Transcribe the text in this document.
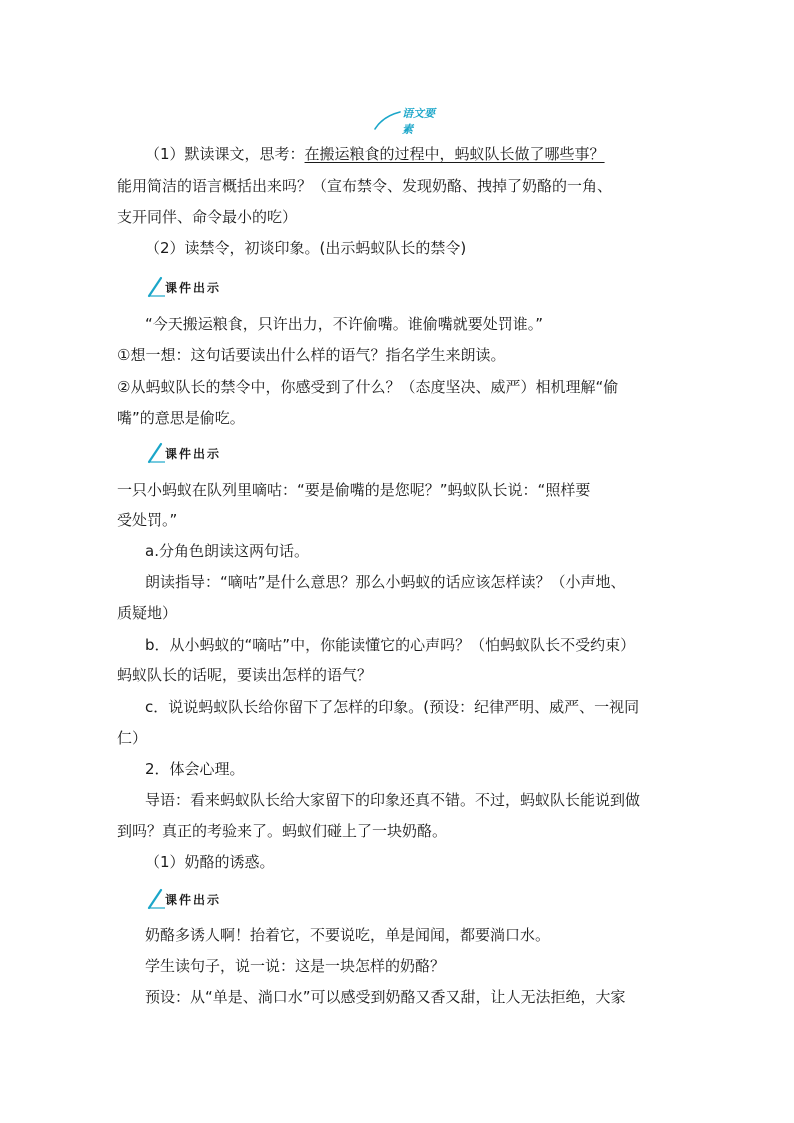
语文要素
（1）默读课文，思考：在搬运粮食的过程中，蚂蚁队长做了哪些事？
能用简洁的语言概括出来吗？（宣布禁令、发现奶酪、拽掉了奶酪的一角、
支开同伴、命令最小的吃）
（2）读禁令，初谈印象。(出示蚂蚁队长的禁令)
课件出示
“今天搬运粮食，只许出力，不许偷嘴。谁偷嘴就要处罚谁。”
①想一想：这句话要读出什么样的语气？指名学生来朗读。
②从蚂蚁队长的禁令中，你感受到了什么？（态度坚决、威严）相机理解“偷
嘴”的意思是偷吃。
课件出示
一只小蚂蚁在队列里嘀咕：“要是偷嘴的是您呢？”蚂蚁队长说：“照样要
受处罚。”
a.分角色朗读这两句话。
朗读指导：“嘀咕”是什么意思？那么小蚂蚁的话应该怎样读？（小声地、
质疑地）
b．从小蚂蚁的“嘀咕”中，你能读懂它的心声吗？（怕蚂蚁队长不受约束）
蚂蚁队长的话呢，要读出怎样的语气？
c．说说蚂蚁队长给你留下了怎样的印象。(预设：纪律严明、威严、一视同
仁）
2．体会心理。
导语：看来蚂蚁队长给大家留下的印象还真不错。不过，蚂蚁队长能说到做
到吗？真正的考验来了。蚂蚁们碰上了一块奶酪。
（1）奶酪的诱惑。
课件出示
奶酪多诱人啊！抬着它，不要说吃，单是闻闻，都要淌口水。
学生读句子，说一说：这是一块怎样的奶酪？
预设：从“单是、淌口水”可以感受到奶酪又香又甜，让人无法拒绝，大家
